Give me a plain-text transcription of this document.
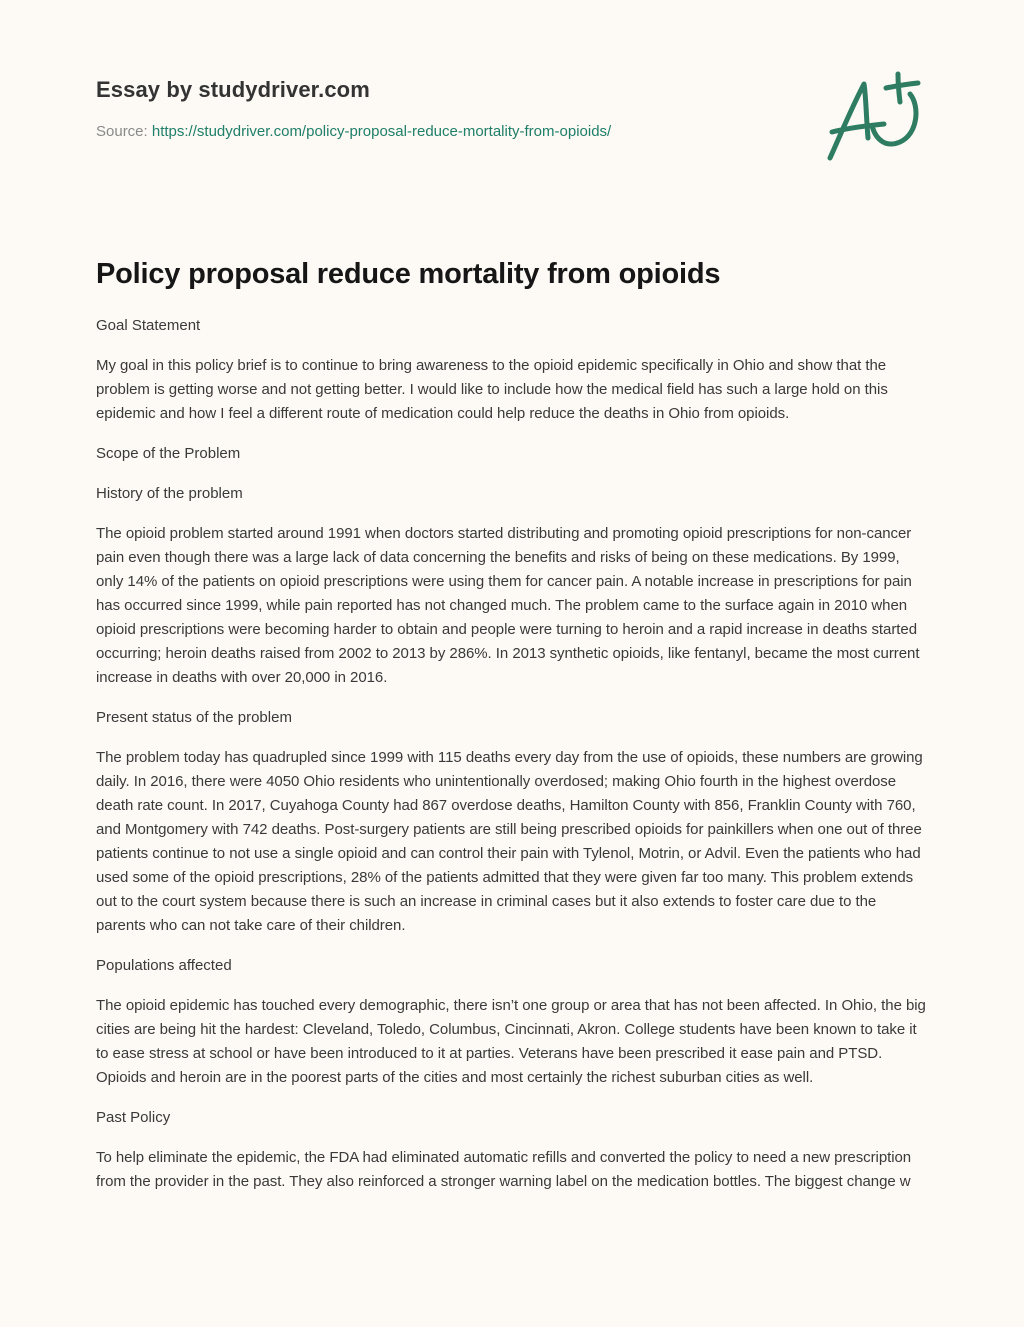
Essay by studydriver.com
Source: https://studydriver.com/policy-proposal-reduce-mortality-from-opioids/
Policy proposal reduce mortality from opioids

Goal Statement

My goal in this policy brief is to continue to bring awareness to the opioid epidemic specifically in Ohio and show that the problem is getting worse and not getting better. I would like to include how the medical field has such a large hold on this epidemic and how I feel a different route of medication could help reduce the deaths in Ohio from opioids.

Scope of the Problem

History of the problem

The opioid problem started around 1991 when doctors started distributing and promoting opioid prescriptions for non-cancer pain even though there was a large lack of data concerning the benefits and risks of being on these medications. By 1999, only 14% of the patients on opioid prescriptions were using them for cancer pain. A notable increase in prescriptions for pain has occurred since 1999, while pain reported has not changed much. The problem came to the surface again in 2010 when opioid prescriptions were becoming harder to obtain and people were turning to heroin and a rapid increase in deaths started occurring; heroin deaths raised from 2002 to 2013 by 286%. In 2013 synthetic opioids, like fentanyl, became the most current increase in deaths with over 20,000 in 2016.

Present status of the problem

The problem today has quadrupled since 1999 with 115 deaths every day from the use of opioids, these numbers are growing daily. In 2016, there were 4050 Ohio residents who unintentionally overdosed; making Ohio fourth in the highest overdose death rate count. In 2017, Cuyahoga County had 867 overdose deaths, Hamilton County with 856, Franklin County with 760, and Montgomery with 742 deaths. Post-surgery patients are still being prescribed opioids for painkillers when one out of three patients continue to not use a single opioid and can control their pain with Tylenol, Motrin, or Advil. Even the patients who had used some of the opioid prescriptions, 28% of the patients admitted that they were given far too many. This problem extends out to the court system because there is such an increase in criminal cases but it also extends to foster care due to the parents who can not take care of their children.

Populations affected

The opioid epidemic has touched every demographic, there isn’t one group or area that has not been affected. In Ohio, the big cities are being hit the hardest: Cleveland, Toledo, Columbus, Cincinnati, Akron. College students have been known to take it to ease stress at school or have been introduced to it at parties. Veterans have been prescribed it ease pain and PTSD. Opioids and heroin are in the poorest parts of the cities and most certainly the richest suburban cities as well.

Past Policy

To help eliminate the epidemic, the FDA had eliminated automatic refills and converted the policy to need a new prescription from the provider in the past. They also reinforced a stronger warning label on the medication bottles. The biggest change w
